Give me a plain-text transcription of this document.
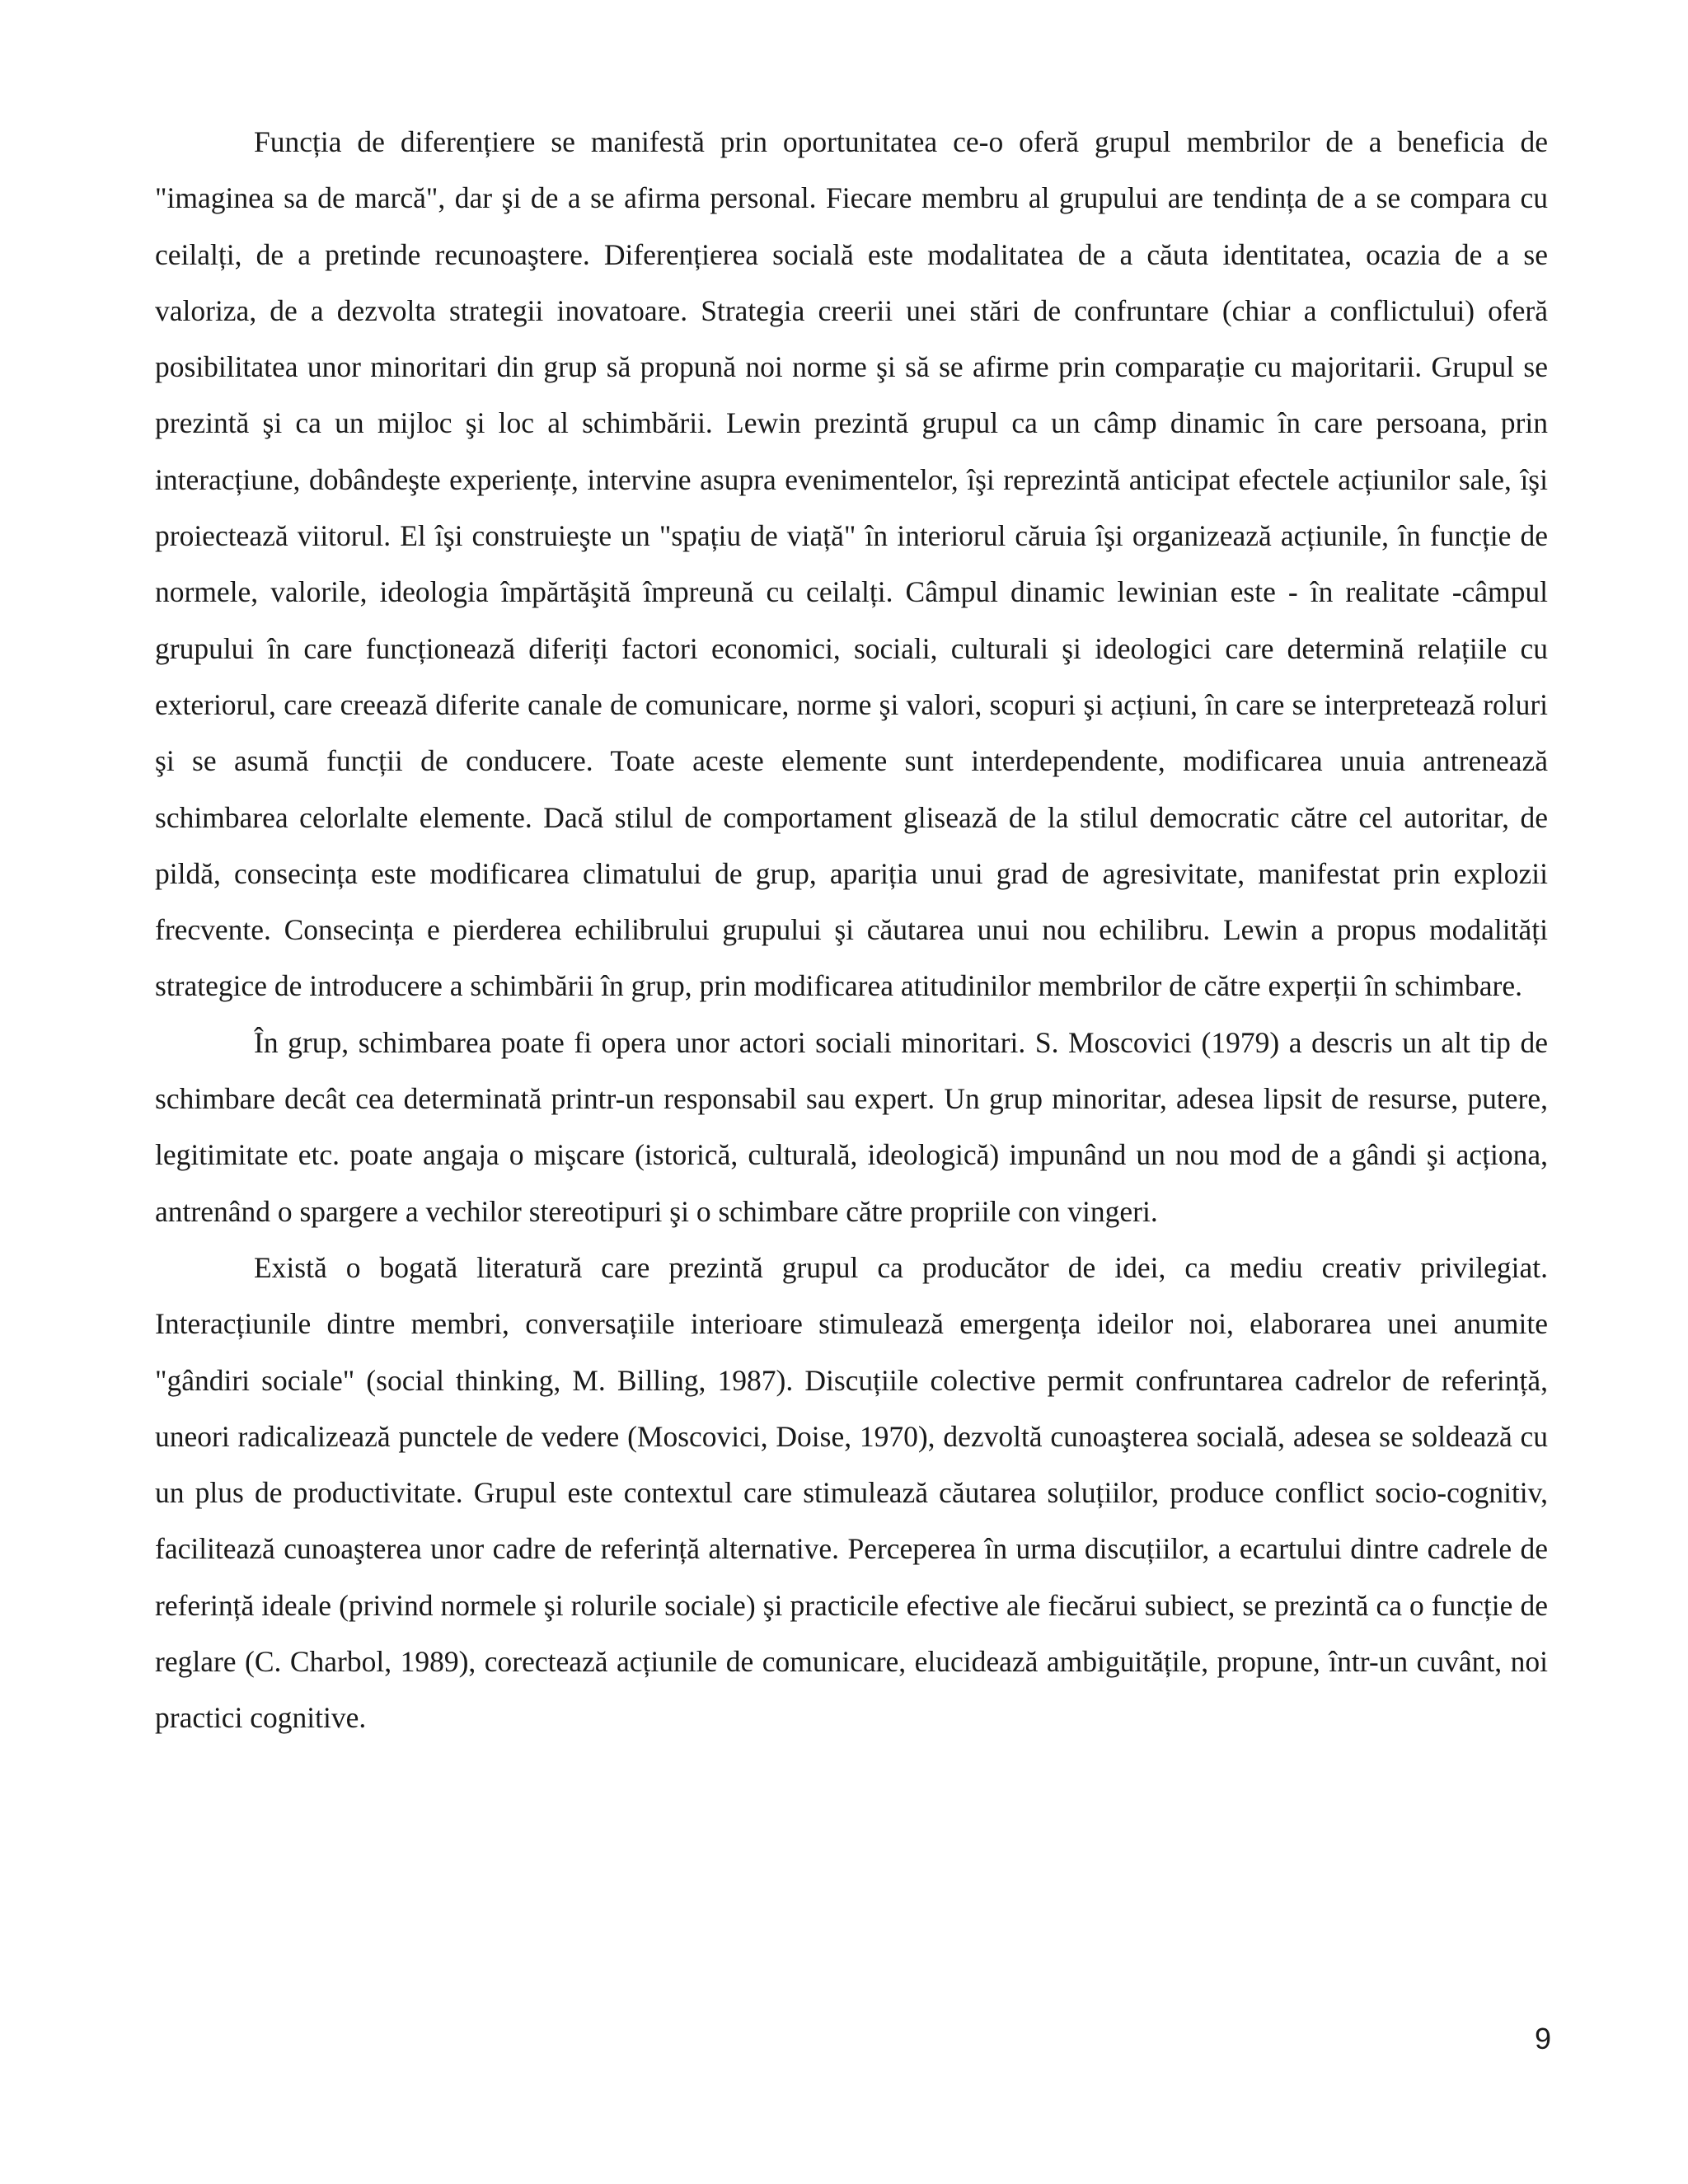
Funcția de diferențiere se manifestă prin oportunitatea ce-o oferă grupul membrilor de a beneficia de "imaginea sa de marcă", dar şi de a se afirma personal. Fiecare membru al grupului are tendința de a se compara cu ceilalți, de a pretinde recunoaştere. Diferențierea socială este modalitatea de a căuta identitatea, ocazia de a se valoriza, de a dezvolta strategii inovatoare. Strategia creerii unei stări de confruntare (chiar a conflictului) oferă posibilitatea unor minoritari din grup să propună noi norme şi să se afirme prin comparație cu majoritarii. Grupul se prezintă şi ca un mijloc şi loc al schimbării. Lewin prezintă grupul ca un câmp dinamic în care persoana, prin interacțiune, dobândeşte experiențe, intervine asupra evenimentelor, îşi reprezintă anticipat efectele acțiunilor sale, îşi proiectează viitorul. El îşi construieşte un "spațiu de viață" în interiorul căruia îşi organizează acțiunile, în funcție de normele, valorile, ideologia împărtăşită împreună cu ceilalți. Câmpul dinamic lewinian este - în realitate -câmpul grupului în care funcționează diferiți factori economici, sociali, culturali şi ideologici care determină relațiile cu exteriorul, care creează diferite canale de comunicare, norme şi valori, scopuri şi acțiuni, în care se interpretează roluri şi se asumă funcții de conducere. Toate aceste elemente sunt interdependente, modificarea unuia antrenează schimbarea celorlalte elemente. Dacă stilul de comportament glisează de la stilul democratic către cel autoritar, de pildă, consecința este modificarea climatului de grup, apariția unui grad de agresivitate, manifestat prin explozii frecvente. Consecința e pierderea echilibrului grupului şi căutarea unui nou echilibru. Lewin a propus modalități strategice de introducere a schimbării în grup, prin modificarea atitudinilor membrilor de către experții în schimbare.

În grup, schimbarea poate fi opera unor actori sociali minoritari. S. Moscovici (1979) a descris un alt tip de schimbare decât cea determinată printr-un responsabil sau expert. Un grup minoritar, adesea lipsit de resurse, putere, legitimitate etc. poate angaja o mişcare (istorică, culturală, ideologică) impunând un nou mod de a gândi şi acționa, antrenând o spargere a vechilor stereotipuri şi o schimbare către propriile con vingeri.

Există o bogată literatură care prezintă grupul ca producător de idei, ca mediu creativ privilegiat. Interacțiunile dintre membri, conversațiile interioare stimulează emergența ideilor noi, elaborarea unei anumite "gândiri sociale" (social thinking, M. Billing, 1987). Discuțiile colective permit confruntarea cadrelor de referință, uneori radicalizează punctele de vedere (Moscovici, Doise, 1970), dezvoltă cunoaşterea socială, adesea se soldează cu un plus de productivitate. Grupul este contextul care stimulează căutarea soluțiilor, produce conflict socio-cognitiv, facilitează cunoaşterea unor cadre de referință alternative. Perceperea în urma discuțiilor, a ecartului dintre cadrele de referință ideale (privind normele şi rolurile sociale) şi practicile efective ale fiecărui subiect, se prezintă ca o funcție de reglare (C. Charbol, 1989), corectează acțiunile de comunicare, elucidează ambiguitățile, propune, într-un cuvânt, noi practici cognitive.

9
